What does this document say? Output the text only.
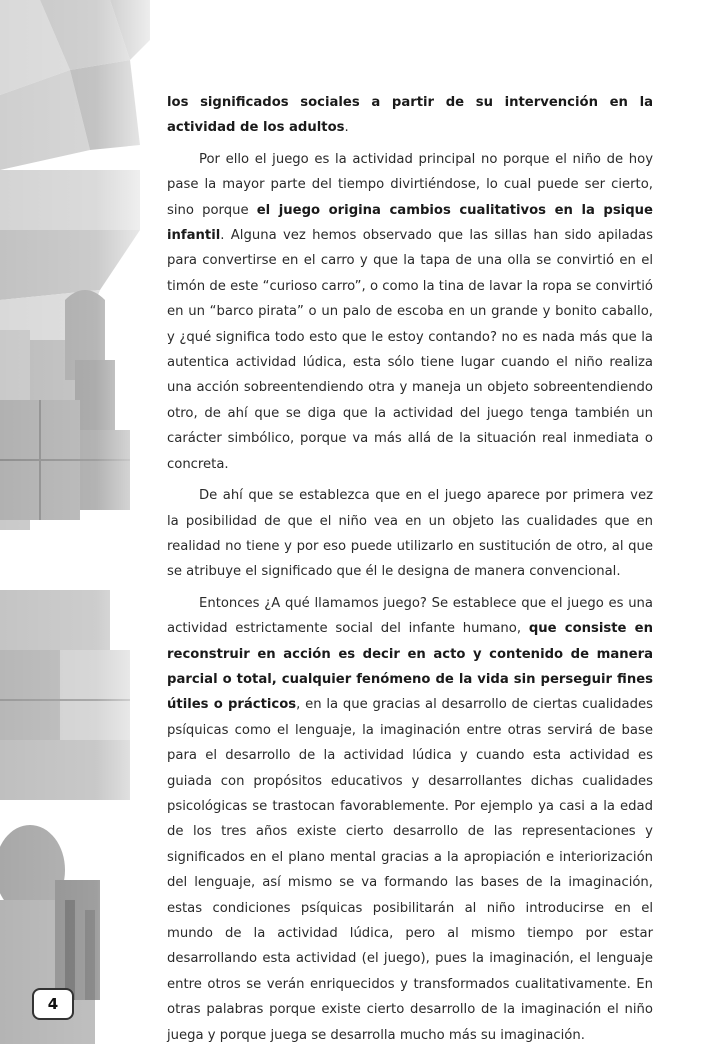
los significados sociales a partir de su intervención en la actividad de los adultos.

Por ello el juego es la actividad principal no porque el niño de hoy pase la mayor parte del tiempo divirtiéndose, lo cual puede ser cierto, sino porque el juego origina cambios cualitativos en la psique infantil. Alguna vez hemos observado que las sillas han sido apiladas para convertirse en el carro y que la tapa de una olla se convirtió en el timón de este “curioso carro”, o como la tina de lavar la ropa se convirtió en un “barco pirata” o un palo de escoba en un grande y bonito caballo, y ¿qué significa todo esto que le estoy contando? no es nada más que la autentica actividad lúdica, esta sólo tiene lugar cuando el niño realiza una acción sobreentendiendo otra y maneja un objeto sobreentendiendo otro, de ahí que se diga que la actividad del juego tenga también un carácter simbólico, porque va más allá de la situación real inmediata o concreta.

De ahí que se establezca que en el juego aparece por primera vez la posibilidad de que el niño vea en un objeto las cualidades que en realidad no tiene y por eso puede utilizarlo en sustitución de otro, al que se atribuye el significado que él le designa de manera convencional.

Entonces ¿A qué llamamos juego? Se establece que el juego es una actividad estrictamente social del infante humano, que consiste en reconstruir en acción es decir en acto y contenido de manera parcial o total, cualquier fenómeno de la vida sin perseguir fines útiles o prácticos, en la que gracias al desarrollo de ciertas cualidades psíquicas como el lenguaje, la imaginación entre otras servirá de base para el desarrollo de la actividad lúdica y cuando esta actividad es guiada con propósitos educativos y desarrollantes dichas cualidades psicológicas se trastocan favorablemente. Por ejemplo ya casi a la edad de los tres años existe cierto desarrollo de las representaciones y significados en el plano mental gracias a la apropiación e interiorización del lenguaje, así mismo se va formando las bases de la imaginación, estas condiciones psíquicas posibilitarán al niño introducirse en el mundo de la actividad lúdica, pero al mismo tiempo por estar desarrollando esta actividad (el juego), pues la imaginación, el lenguaje entre otros se verán enriquecidos y transformados cualitativamente. En otras palabras porque existe cierto desarrollo de la imaginación el niño juega y porque juega se desarrolla mucho más su imaginación.

4
